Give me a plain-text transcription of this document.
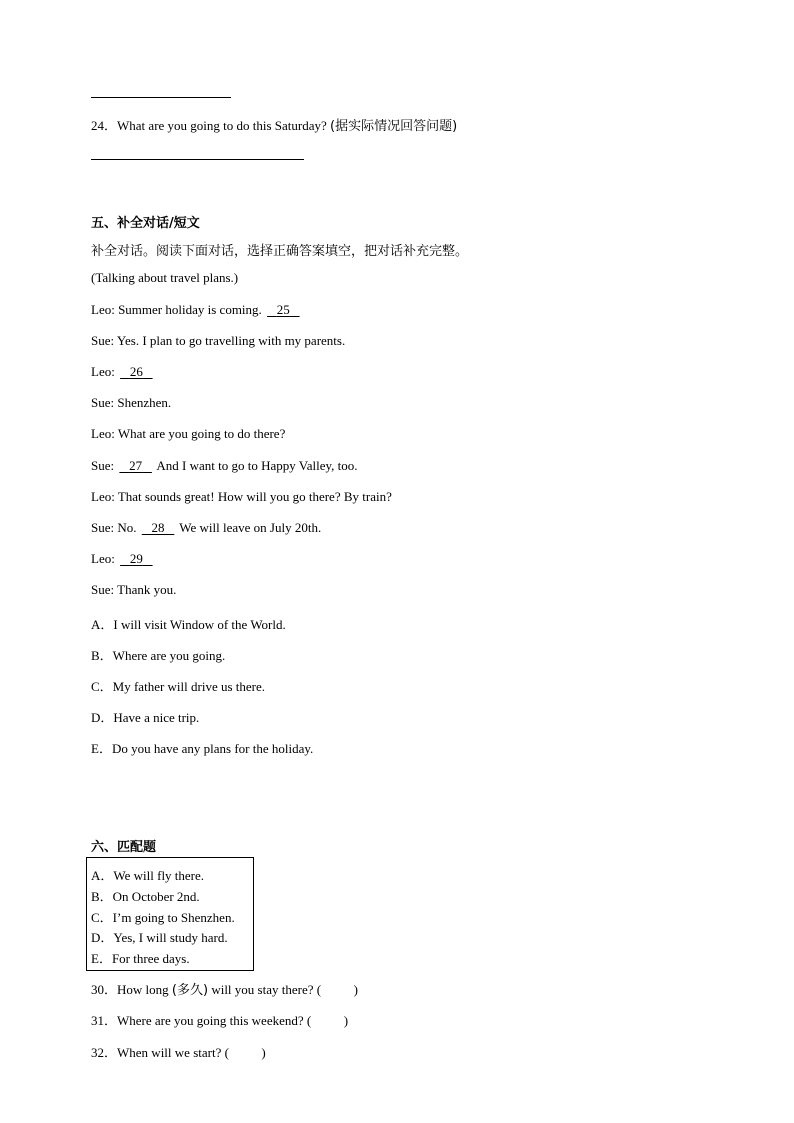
24．What are you going to do this Saturday? (据实际情况回答问题)
五、补全对话/短文
补全对话。阅读下面对话，选择正确答案填空，把对话补充完整。
(Talking about travel plans.)
Leo: Summer holiday is coming. 25
Sue: Yes. I plan to go travelling with my parents.
Leo: 26
Sue: Shenzhen.
Leo: What are you going to do there?
Sue: 27 And I want to go to Happy Valley, too.
Leo: That sounds great! How will you go there? By train?
Sue: No. 28 We will leave on July 20th.
Leo: 29
Sue: Thank you.
A．I will visit Window of the World.
B．Where are you going.
C．My father will drive us there.
D．Have a nice trip.
E．Do you have any plans for the holiday.
六、匹配题
A．We will fly there.
B．On October 2nd.
C．I’m going to Shenzhen.
D．Yes, I will study hard.
E．For three days.
30．How long (多久) will you stay there? (          )
31．Where are you going this weekend? (          )
32．When will we start? (          )
